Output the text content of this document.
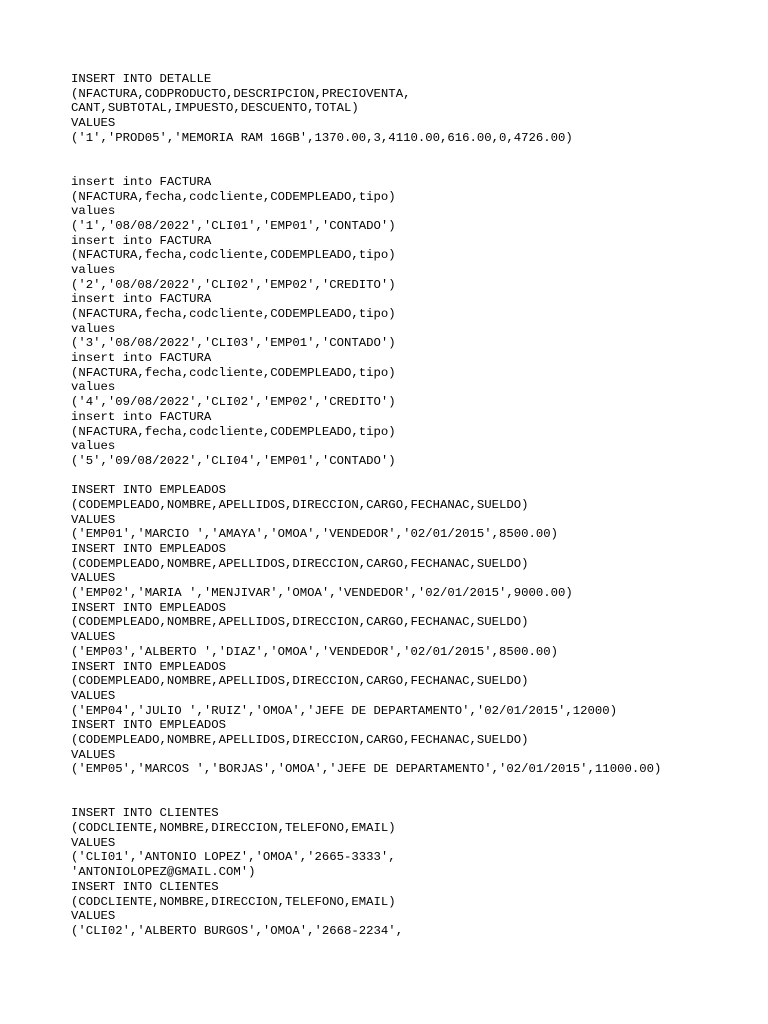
INSERT INTO DETALLE
(NFACTURA,CODPRODUCTO,DESCRIPCION,PRECIOVENTA,
CANT,SUBTOTAL,IMPUESTO,DESCUENTO,TOTAL)
VALUES
('1','PROD05','MEMORIA RAM 16GB',1370.00,3,4110.00,616.00,0,4726.00)
insert into FACTURA
(NFACTURA,fecha,codcliente,CODEMPLEADO,tipo)
values
('1','08/08/2022','CLI01','EMP01','CONTADO')
insert into FACTURA
(NFACTURA,fecha,codcliente,CODEMPLEADO,tipo)
values
('2','08/08/2022','CLI02','EMP02','CREDITO')
insert into FACTURA
(NFACTURA,fecha,codcliente,CODEMPLEADO,tipo)
values
('3','08/08/2022','CLI03','EMP01','CONTADO')
insert into FACTURA
(NFACTURA,fecha,codcliente,CODEMPLEADO,tipo)
values
('4','09/08/2022','CLI02','EMP02','CREDITO')
insert into FACTURA
(NFACTURA,fecha,codcliente,CODEMPLEADO,tipo)
values
('5','09/08/2022','CLI04','EMP01','CONTADO')
INSERT INTO EMPLEADOS
(CODEMPLEADO,NOMBRE,APELLIDOS,DIRECCION,CARGO,FECHANAC,SUELDO)
VALUES
('EMP01','MARCIO ','AMAYA','OMOA','VENDEDOR','02/01/2015',8500.00)
INSERT INTO EMPLEADOS
(CODEMPLEADO,NOMBRE,APELLIDOS,DIRECCION,CARGO,FECHANAC,SUELDO)
VALUES
('EMP02','MARIA ','MENJIVAR','OMOA','VENDEDOR','02/01/2015',9000.00)
INSERT INTO EMPLEADOS
(CODEMPLEADO,NOMBRE,APELLIDOS,DIRECCION,CARGO,FECHANAC,SUELDO)
VALUES
('EMP03','ALBERTO ','DIAZ','OMOA','VENDEDOR','02/01/2015',8500.00)
INSERT INTO EMPLEADOS
(CODEMPLEADO,NOMBRE,APELLIDOS,DIRECCION,CARGO,FECHANAC,SUELDO)
VALUES
('EMP04','JULIO ','RUIZ','OMOA','JEFE DE DEPARTAMENTO','02/01/2015',12000)
INSERT INTO EMPLEADOS
(CODEMPLEADO,NOMBRE,APELLIDOS,DIRECCION,CARGO,FECHANAC,SUELDO)
VALUES
('EMP05','MARCOS ','BORJAS','OMOA','JEFE DE DEPARTAMENTO','02/01/2015',11000.00)
INSERT INTO CLIENTES
(CODCLIENTE,NOMBRE,DIRECCION,TELEFONO,EMAIL)
VALUES
('CLI01','ANTONIO LOPEZ','OMOA','2665-3333',
'ANTONIOLOPEZ@GMAIL.COM')
INSERT INTO CLIENTES
(CODCLIENTE,NOMBRE,DIRECCION,TELEFONO,EMAIL)
VALUES
('CLI02','ALBERTO BURGOS','OMOA','2668-2234',
